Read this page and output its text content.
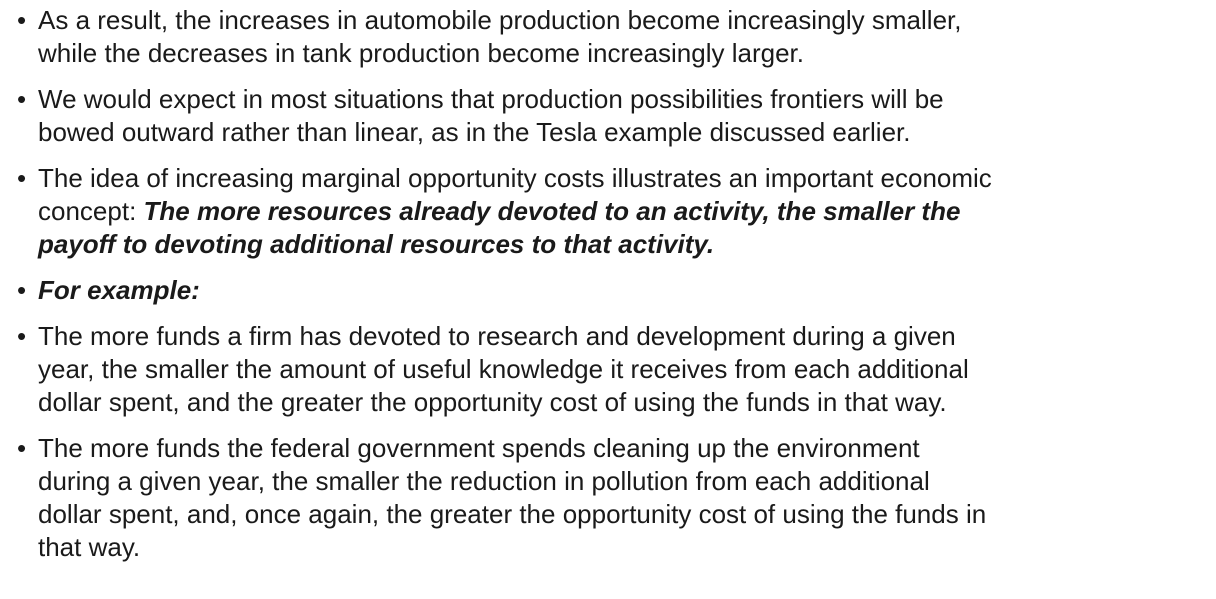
• As a result, the increases in automobile production become increasingly smaller,
while the decreases in tank production become increasingly larger.
• We would expect in most situations that production possibilities frontiers will be
bowed outward rather than linear, as in the Tesla example discussed earlier.
• The idea of increasing marginal opportunity costs illustrates an important economic
concept: The more resources already devoted to an activity, the smaller the
payoff to devoting additional resources to that activity.
• For example:
• The more funds a firm has devoted to research and development during a given
year, the smaller the amount of useful knowledge it receives from each additional
dollar spent, and the greater the opportunity cost of using the funds in that way.
• The more funds the federal government spends cleaning up the environment
during a given year, the smaller the reduction in pollution from each additional
dollar spent, and, once again, the greater the opportunity cost of using the funds in
that way.
